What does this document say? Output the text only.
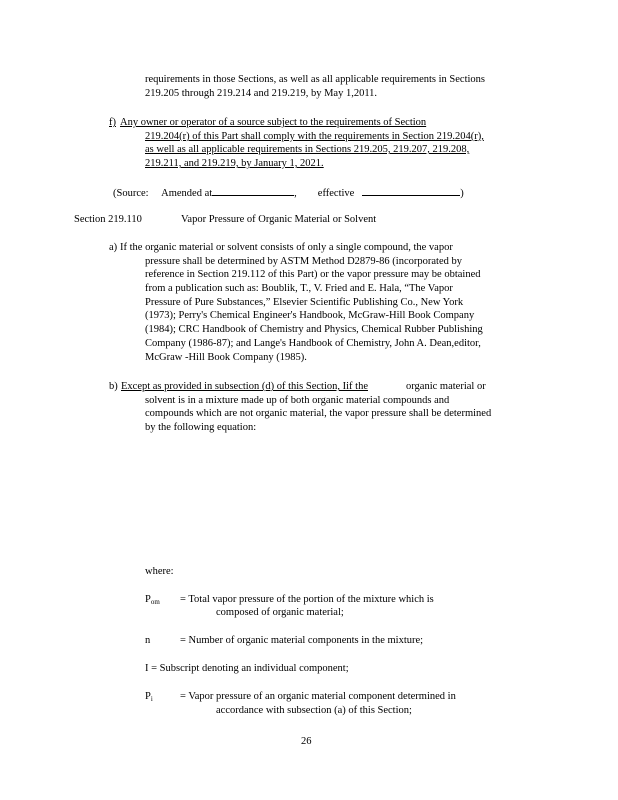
requirements in those Sections, as well as all applicable requirements in Sections
219.205 through 219.214 and 219.219, by May 1,2011.
f) Any owner or operator of a source subject to the requirements of Section
219.204(r) of this Part shall comply with the requirements in Section 219.204(r),
as well as all applicable requirements in Sections 219.205, 219.207, 219.208,
219.211, and 219.219, by January 1, 2021.
(Source: Amended at	, effective	)
Section 219.110	Vapor Pressure of Organic Material or Solvent
a) If the organic material or solvent consists of only a single compound, the vapor
pressure shall be determined by ASTM Method D2879-86 (incorporated by
reference in Section 219.112 of this Part) or the vapor pressure may be obtained
from a publication such as: Boublik, T., V. Fried and E. Hala, “The Vapor
Pressure of Pure Substances,” Elsevier Scientific Publishing Co., New York
(1973); Perry's Chemical Engineer's Handbook, McGraw-Hill Book Company
(1984); CRC Handbook of Chemistry and Physics, Chemical Rubber Publishing
Company (1986-87); and Lange's Handbook of Chemistry, John A. Dean,editor,
McGraw -Hill Book Company (1985).
b) Except as provided in subsection (d) of this Section, Iif the	organic material or
solvent is in a mixture made up of both organic material compounds and
compounds which are not organic material, the vapor pressure shall be determined
by the following equation:
where:
$P_{om}$ = Total vapor pressure of the portion of the mixture which is
composed of organic material;
n	= Number of organic material components in the mixture;
I = Subscript denoting an individual component;
$P_i$	= Vapor pressure of an organic material component determined in
accordance with subsection (a) of this Section;
26
